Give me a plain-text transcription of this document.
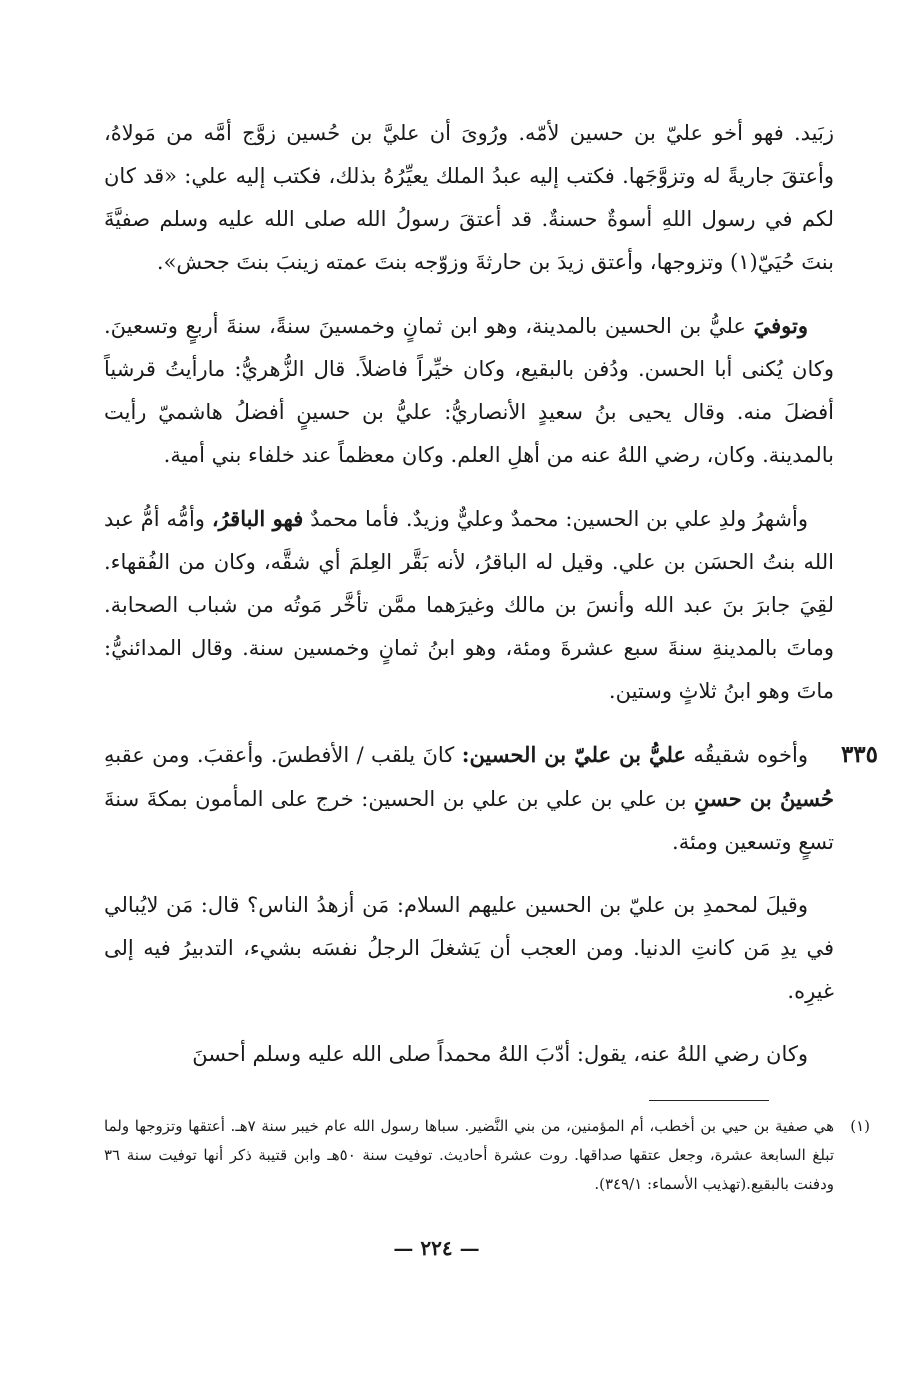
زبَيد. فهو أخو عليّ بن حسين لأمّه. ورُوىَ أن عليَّ بن حُسين زوَّج أمَّه من مَولاهُ، وأعتقَ جاريةً له وتزوَّجَها. فكتب إليه عبدُ الملك يعيِّرُهُ بذلك، فكتب إليه علي: «قد كان لكم في رسول اللهِ أسوةٌ حسنةٌ. قد أعتقَ رسولُ الله صلى الله عليه وسلم صفيَّةَ بنتَ حُيَيّ(١) وتزوجها، وأعتق زيدَ بن حارثةَ وزوّجه بنتَ عمته زينبَ بنتَ جحش».

وتوفيَ عليُّ بن الحسين بالمدينة، وهو ابن ثمانٍ وخمسينَ سنةً، سنةَ أربعٍ وتسعينَ. وكان يُكنى أبا الحسن. ودُفن بالبقيع، وكان خيِّراً فاضلاً. قال الزُّهريُّ: مارأيتُ قرشياً أفضلَ منه. وقال يحيى بنُ سعيدٍ الأنصاريُّ: عليُّ بن حسينٍ أفضلُ هاشميّ رأيت بالمدينة. وكان، رضي اللهُ عنه من أهلِ العلم. وكان معظماً عند خلفاء بني أمية.

وأشهرُ ولدِ علي بن الحسين: محمدٌ وعليٌّ وزيدٌ. فأما محمدٌ فهو الباقرُ، وأمُّه أمُّ عبد الله بنتُ الحسَن بن علي. وقيل له الباقرُ، لأنه بَقَّر العِلمَ أي شقَّه، وكان من الفُقهاء. لقِيَ جابرَ بنَ عبد الله وأنسَ بن مالك وغيرَهما ممَّن تأخَّر مَوتُه من شباب الصحابة. وماتَ بالمدينةِ سنةَ سبع عشرةَ ومئة، وهو ابنُ ثمانٍ وخمسين سنة. وقال المدائنيُّ: ماتَ وهو ابنُ ثلاثٍ وستين.

٣٣٥
وأخوه شقيقُه عليُّ بن عليّ بن الحسين: كانَ يلقب / الأفطسَ. وأعقبَ. ومن عقبهِ حُسينُ بن حسنِ بن علي بن علي بن علي بن الحسين: خرج على المأمون بمكةَ سنةَ تسعٍ وتسعين ومئة.

وقيلَ لمحمدِ بن عليّ بن الحسين عليهم السلام: مَن أزهدُ الناس؟ قال: مَن لايُبالي في يدِ مَن كانتِ الدنيا. ومن العجب أن يَشغلَ الرجلُ نفسَه بشيء، التدبيرُ فيه إلى غيرِه.

وكان رضي اللهُ عنه، يقول: أدّبَ اللهُ محمداً صلى الله عليه وسلم أحسنَ

(١)
هي صفية بن حيي بن أخطب، أم المؤمنين، من بني النَّضير. سباها رسول الله عام خيبر سنة ٧هـ. أعتقها وتزوجها ولما تبلغ السابعة عشرة، وجعل عتقها صداقها. روت عشرة أحاديث. توفيت سنة ٥٠هـ وابن قتيبة ذكر أنها توفيت سنة ٣٦ ودفنت بالبقيع.(تهذيب الأسماء: ٣٤٩/١).
— ٢٢٤ —
